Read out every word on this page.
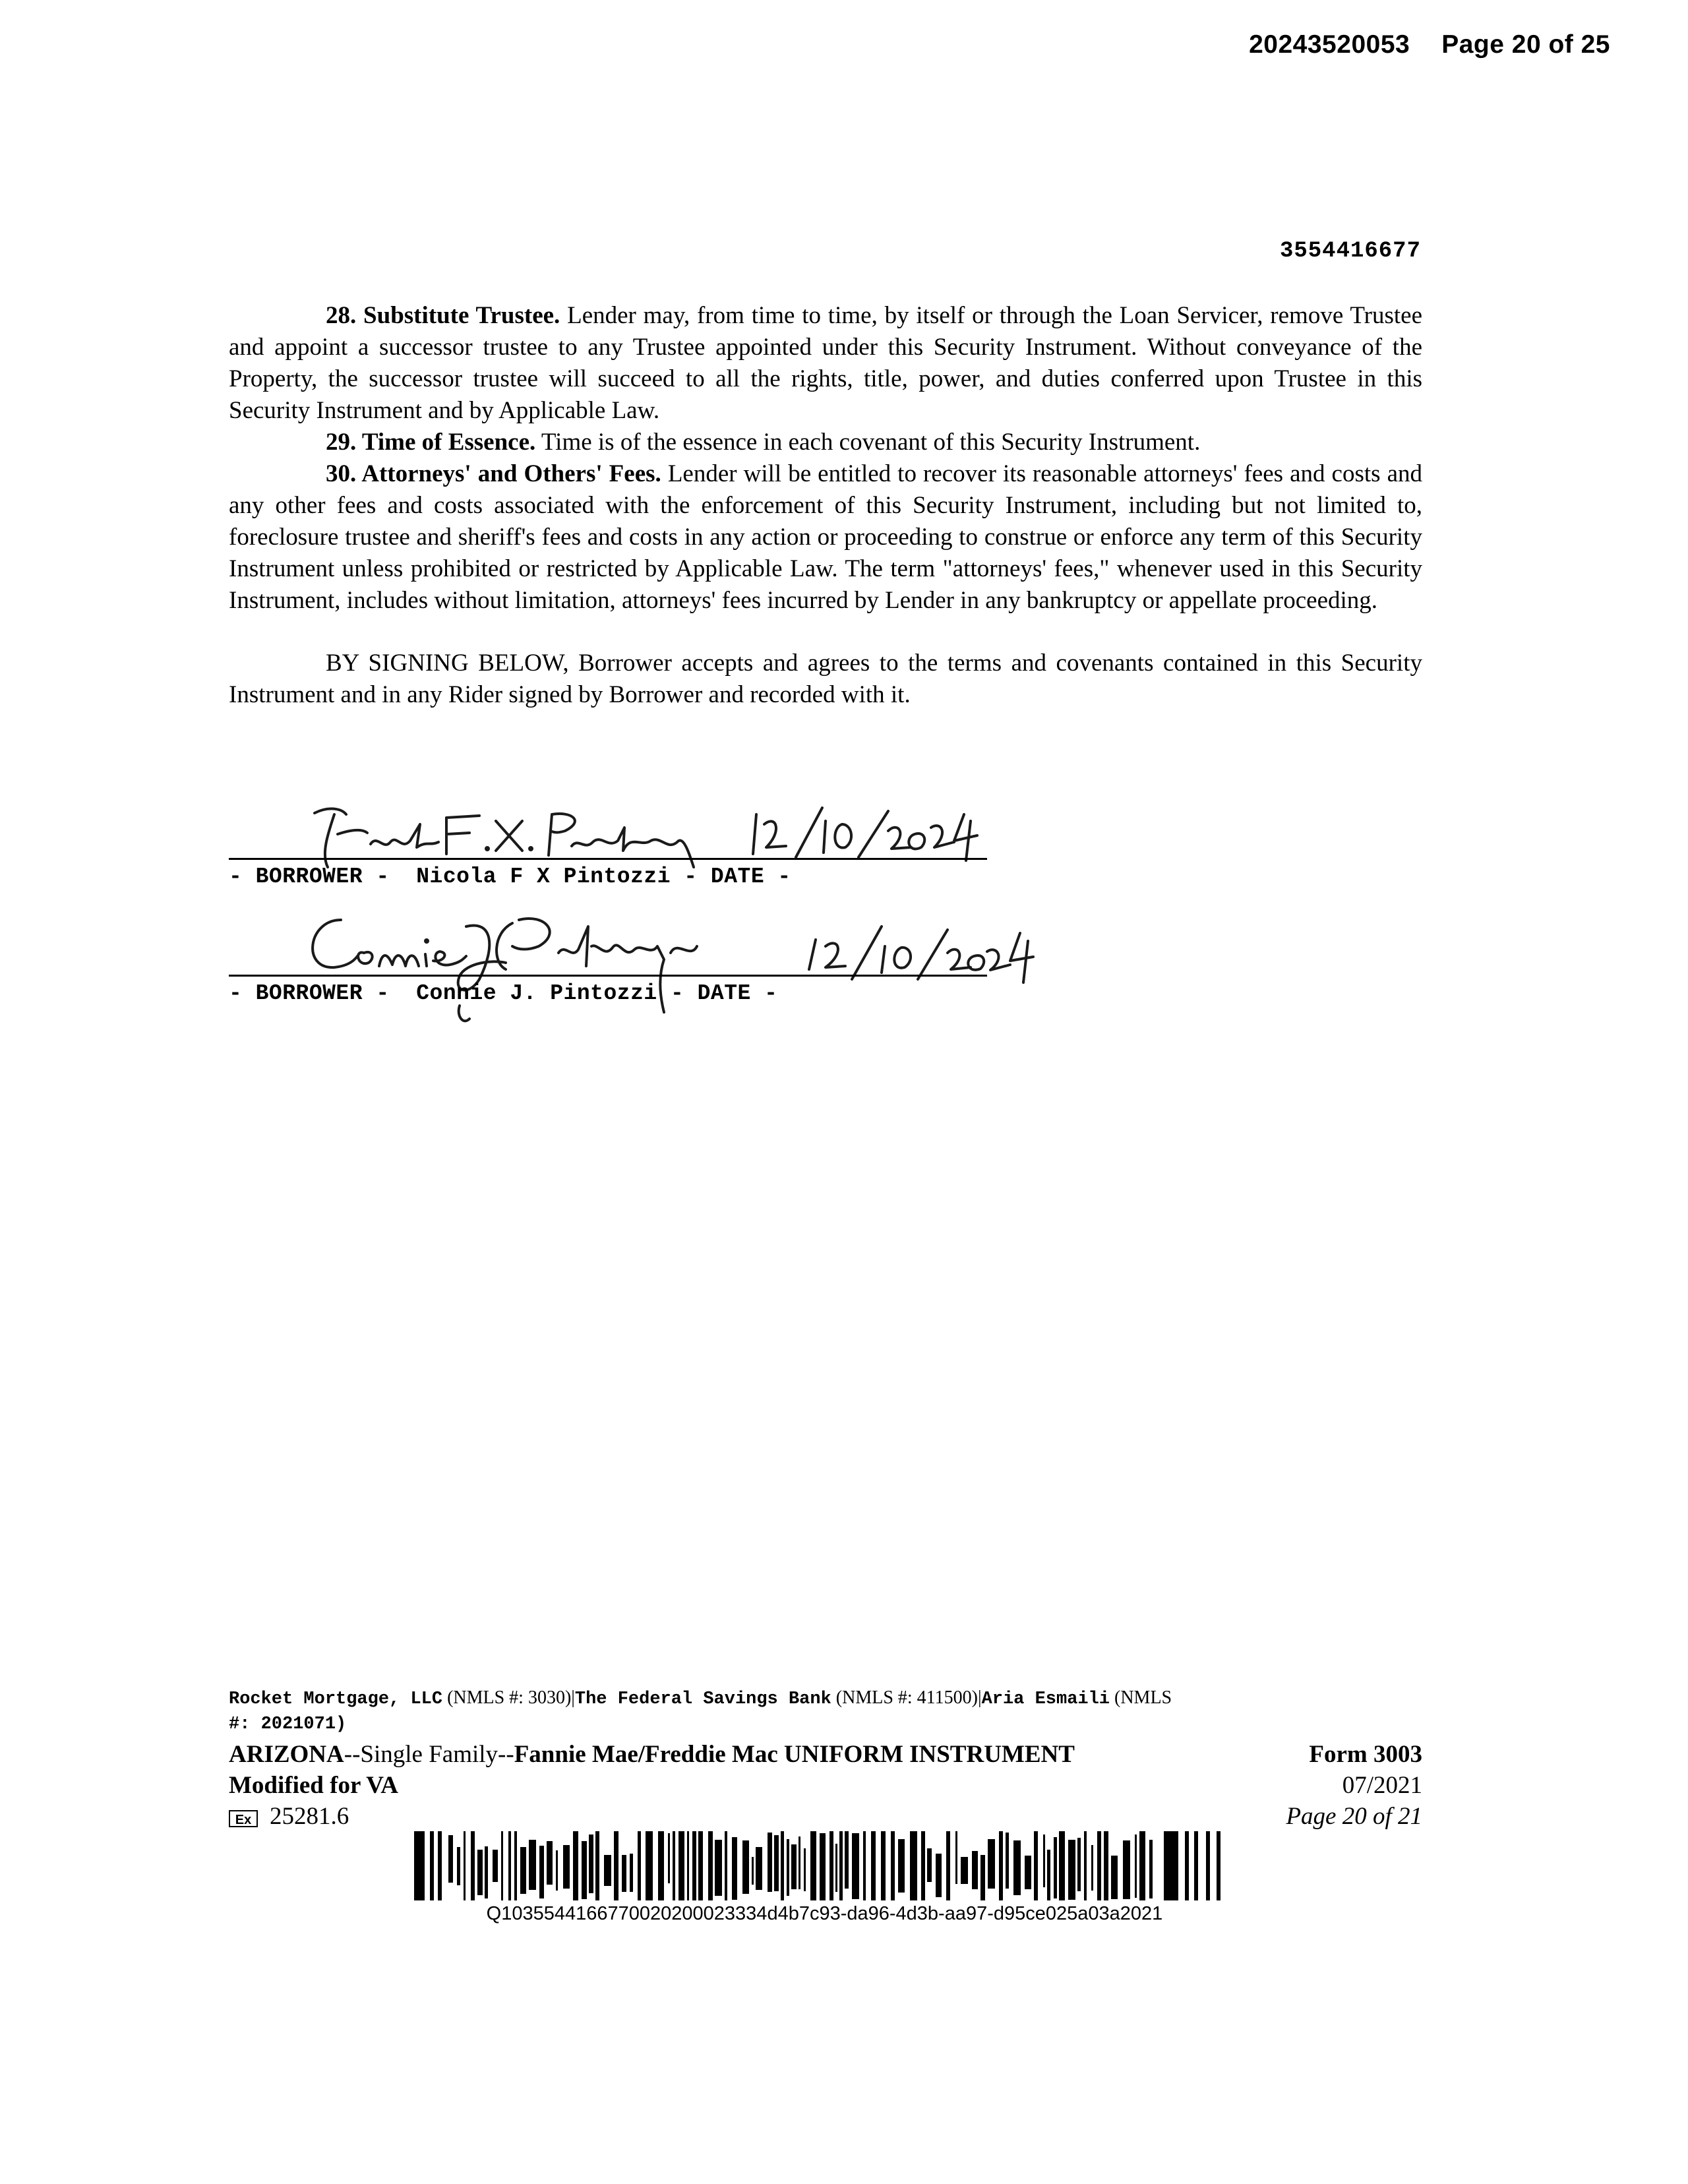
20243520053 Page 20 of 25
3554416677

28. Substitute Trustee. Lender may, from time to time, by itself or through the Loan Servicer, remove Trustee and appoint a successor trustee to any Trustee appointed under this Security Instrument. Without conveyance of the Property, the successor trustee will succeed to all the rights, title, power, and duties conferred upon Trustee in this Security Instrument and by Applicable Law.

29. Time of Essence. Time is of the essence in each covenant of this Security Instrument.

30. Attorneys' and Others' Fees. Lender will be entitled to recover its reasonable attorneys' fees and costs and any other fees and costs associated with the enforcement of this Security Instrument, including but not limited to, foreclosure trustee and sheriff's fees and costs in any action or proceeding to construe or enforce any term of this Security Instrument unless prohibited or restricted by Applicable Law. The term "attorneys' fees," whenever used in this Security Instrument, includes without limitation, attorneys' fees incurred by Lender in any bankruptcy or appellate proceeding.

BY SIGNING BELOW, Borrower accepts and agrees to the terms and covenants contained in this Security Instrument and in any Rider signed by Borrower and recorded with it.

- BORROWER -  Nicola F X Pintozzi - DATE -
- BORROWER -  Connie J. Pintozzi - DATE -
Rocket Mortgage, LLC (NMLS #: 3030)|The Federal Savings Bank (NMLS #: 411500)|Aria Esmaili (NMLS
#: 2021071)
ARIZONA--Single Family--Fannie Mae/Freddie Mac UNIFORM INSTRUMENT
Modified for VA
Ex 25281.6
Form 3003
07/2021
Page 20 of 21
Q1035544166770020200023334d4b7c93-da96-4d3b-aa97-d95ce025a03a2021
